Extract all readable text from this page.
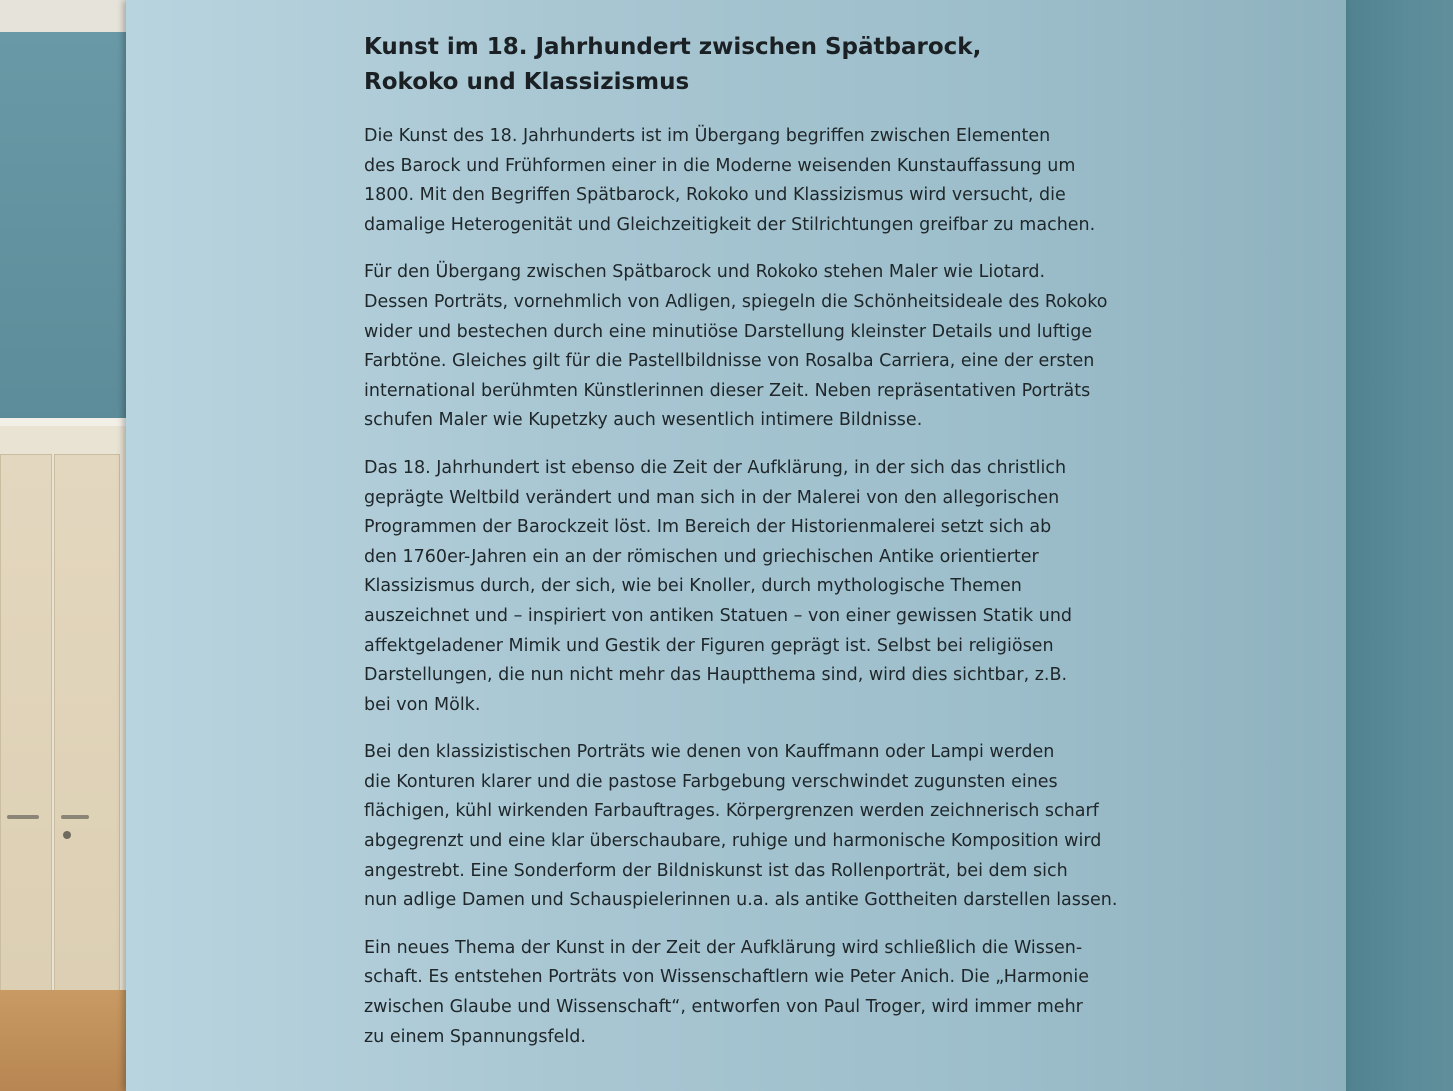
Kunst im 18. Jahrhundert zwischen Spätbarock,
Rokoko und Klassizismus

Die Kunst des 18. Jahrhunderts ist im Übergang begriffen zwischen Elementen
des Barock und Frühformen einer in die Moderne weisenden Kunstauffassung um
1800. Mit den Begriffen Spätbarock, Rokoko und Klassizismus wird versucht, die
damalige Heterogenität und Gleichzeitigkeit der Stilrichtungen greifbar zu machen.

Für den Übergang zwischen Spätbarock und Rokoko stehen Maler wie Liotard.
Dessen Porträts, vornehmlich von Adligen, spiegeln die Schönheitsideale des Rokoko
wider und bestechen durch eine minutiöse Darstellung kleinster Details und luftige
Farbtöne. Gleiches gilt für die Pastellbildnisse von Rosalba Carriera, eine der ersten
international berühmten Künstlerinnen dieser Zeit. Neben repräsentativen Porträts
schufen Maler wie Kupetzky auch wesentlich intimere Bildnisse.

Das 18. Jahrhundert ist ebenso die Zeit der Aufklärung, in der sich das christlich
geprägte Weltbild verändert und man sich in der Malerei von den allegorischen
Programmen der Barockzeit löst. Im Bereich der Historienmalerei setzt sich ab
den 1760er-Jahren ein an der römischen und griechischen Antike orientierter
Klassizismus durch, der sich, wie bei Knoller, durch mythologische Themen
auszeichnet und – inspiriert von antiken Statuen – von einer gewissen Statik und
affektgeladener Mimik und Gestik der Figuren geprägt ist. Selbst bei religiösen
Darstellungen, die nun nicht mehr das Hauptthema sind, wird dies sichtbar, z.B.
bei von Mölk.

Bei den klassizistischen Porträts wie denen von Kauffmann oder Lampi werden
die Konturen klarer und die pastose Farbgebung verschwindet zugunsten eines
flächigen, kühl wirkenden Farbauftrages. Körpergrenzen werden zeichnerisch scharf
abgegrenzt und eine klar überschaubare, ruhige und harmonische Komposition wird
angestrebt. Eine Sonderform der Bildniskunst ist das Rollenporträt, bei dem sich
nun adlige Damen und Schauspielerinnen u.a. als antike Gottheiten darstellen lassen.

Ein neues Thema der Kunst in der Zeit der Aufklärung wird schließlich die Wissen-
schaft. Es entstehen Porträts von Wissenschaftlern wie Peter Anich. Die „Harmonie
zwischen Glaube und Wissenschaft“, entworfen von Paul Troger, wird immer mehr
zu einem Spannungsfeld.
